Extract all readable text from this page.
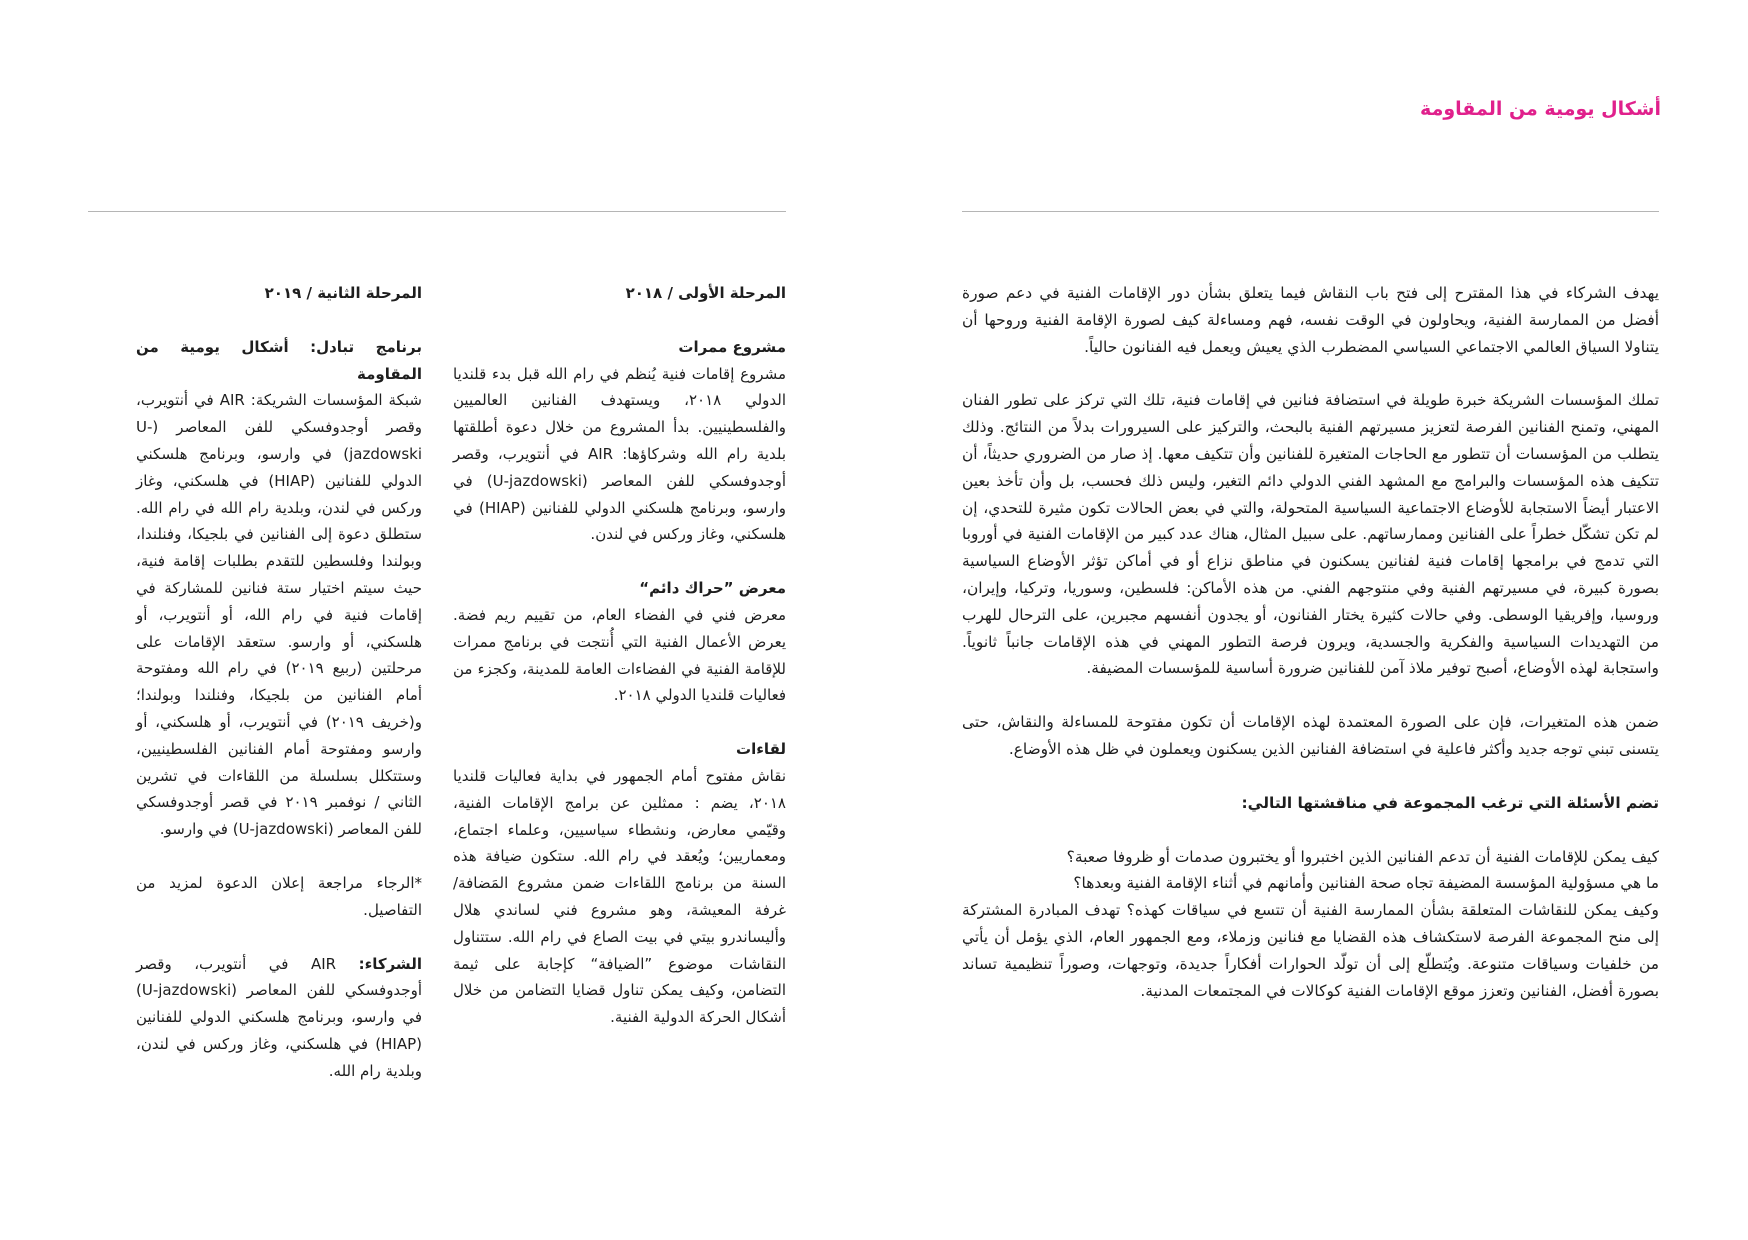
أشكال يومية من المقاومة

يهدف الشركاء في هذا المقترح إلى فتح باب النقاش فيما يتعلق بشأن دور الإقامات الفنية في دعم صورة أفضل من الممارسة الفنية، ويحاولون في الوقت نفسه، فهم ومساءلة كيف لصورة الإقامة الفنية وروحها أن يتناولا السياق العالمي الاجتماعي السياسي المضطرب الذي يعيش ويعمل فيه الفنانون حالياً.

تملك المؤسسات الشريكة خبرة طويلة في استضافة فنانين في إقامات فنية، تلك التي تركز على تطور الفنان المهني، وتمنح الفنانين الفرصة لتعزيز مسيرتهم الفنية بالبحث، والتركيز على السيرورات بدلاً من النتائج. وذلك يتطلب من المؤسسات أن تتطور مع الحاجات المتغيرة للفنانين وأن تتكيف معها. إذ صار من الضروري حديثاً، أن تتكيف هذه المؤسسات والبرامج مع المشهد الفني الدولي دائم التغير، وليس ذلك فحسب، بل وأن تأخذ بعين الاعتبار أيضاً الاستجابة للأوضاع الاجتماعية السياسية المتحولة، والتي في بعض الحالات تكون مثيرة للتحدي، إن لم تكن تشكّل خطراً على الفنانين وممارساتهم. على سبيل المثال، هناك عدد كبير من الإقامات الفنية في أوروبا التي تدمج في برامجها إقامات فنية لفنانين يسكنون في مناطق نزاع أو في أماكن تؤثر الأوضاع السياسية بصورة كبيرة، في مسيرتهم الفنية وفي منتوجهم الفني. من هذه الأماكن: فلسطين، وسوريا، وتركيا، وإيران، وروسيا، وإفريقيا الوسطى. وفي حالات كثيرة يختار الفنانون، أو يجدون أنفسهم مجبرين، على الترحال للهرب من التهديدات السياسية والفكرية والجسدية، ويرون فرصة التطور المهني في هذه الإقامات جانباً ثانوياً. واستجابة لهذه الأوضاع، أصبح توفير ملاذ آمن للفنانين ضرورة أساسية للمؤسسات المضيفة.

ضمن هذه المتغيرات، فإن على الصورة المعتمدة لهذه الإقامات أن تكون مفتوحة للمساءلة والنقاش، حتى يتسنى تبني توجه جديد وأكثر فاعلية في استضافة الفنانين الذين يسكنون ويعملون في ظل هذه الأوضاع.

تضم الأسئلة التي ترغب المجموعة في مناقشتها التالي:

كيف يمكن للإقامات الفنية أن تدعم الفنانين الذين اختبروا أو يختبرون صدمات أو ظروفا صعبة؟

ما هي مسؤولية المؤسسة المضيفة تجاه صحة الفنانين وأمانهم في أثناء الإقامة الفنية وبعدها؟

وكيف يمكن للنقاشات المتعلقة بشأن الممارسة الفنية أن تتسع في سياقات كهذه؟ تهدف المبادرة المشتركة إلى منح المجموعة الفرصة لاستكشاف هذه القضايا مع فنانين وزملاء، ومع الجمهور العام، الذي يؤمل أن يأتي من خلفيات وسياقات متنوعة. ويُتطلّع إلى أن تولّد الحوارات أفكاراً جديدة، وتوجهات، وصوراً تنظيمية تساند بصورة أفضل، الفنانين وتعزز موقع الإقامات الفنية كوكالات في المجتمعات المدنية.

المرحلة الأولى / ٢٠١٨

مشروع ممرات

مشروع إقامات فنية يُنظم في رام الله قبل بدء قلنديا الدولي ٢٠١٨، ويستهدف الفنانين العالميين والفلسطينيين. بدأ المشروع من خلال دعوة أطلقتها بلدية رام الله وشركاؤها: AIR في أنتويرب، وقصر أوجدوفسكي للفن المعاصر (U-jazdowski) في وارسو، وبرنامج هلسكني الدولي للفنانين (HIAP) في هلسكني، وغاز وركس في لندن.

معرض ”حراك دائم“

معرض فني في الفضاء العام، من تقييم ريم فضة. يعرض الأعمال الفنية التي أُنتجت في برنامج ممرات للإقامة الفنية في الفضاءات العامة للمدينة، وكجزء من فعاليات قلنديا الدولي ٢٠١٨.

لقاءات

نقاش مفتوح أمام الجمهور في بداية فعاليات قلنديا ٢٠١٨، يضم : ممثلين عن برامج الإقامات الفنية، وقيّمي معارض، ونشطاء سياسيين، وعلماء اجتماع، ومعماريين؛ ويُعقد في رام الله. ستكون ضيافة هذه السنة من برنامج اللقاءات ضمن مشروع المَضافة/غرفة المعيشة، وهو مشروع فني لساندي هلال وأليساندرو بيتي في بيت الصاع في رام الله. ستتناول النقاشات موضوع ”الضيافة“ كإجابة على ثيمة التضامن، وكيف يمكن تناول قضايا التضامن من خلال أشكال الحركة الدولية الفنية.

المرحلة الثانية / ٢٠١٩

برنامج تبادل: أشكال يومية من المقاومة

شبكة المؤسسات الشريكة: AIR في أنتويرب، وقصر أوجدوفسكي للفن المعاصر (U-jazdowski) في وارسو، وبرنامج هلسكني الدولي للفنانين (HIAP) في هلسكني، وغاز وركس في لندن، وبلدية رام الله في رام الله. ستطلق دعوة إلى الفنانين في بلجيكا، وفنلندا، وبولندا وفلسطين للتقدم بطلبات إقامة فنية، حيث سيتم اختيار ستة فنانين للمشاركة في إقامات فنية في رام الله، أو أنتويرب، أو هلسكني، أو وارسو. ستعقد الإقامات على مرحلتين (ربيع ٢٠١٩) في رام الله ومفتوحة أمام الفنانين من بلجيكا، وفنلندا وبولندا؛ و(خريف ٢٠١٩) في أنتويرب، أو هلسكني، أو وارسو ومفتوحة أمام الفنانين الفلسطينيين، وستتكلل بسلسلة من اللقاءات في تشرين الثاني / نوفمبر ٢٠١٩ في قصر أوجدوفسكي للفن المعاصر (U-jazdowski) في وارسو.

*الرجاء مراجعة إعلان الدعوة لمزيد من التفاصيل.

الشركاء: AIR في أنتويرب، وقصر أوجدوفسكي للفن المعاصر (U-jazdowski) في وارسو، وبرنامج هلسكني الدولي للفنانين (HIAP) في هلسكني، وغاز وركس في لندن، وبلدية رام الله.
